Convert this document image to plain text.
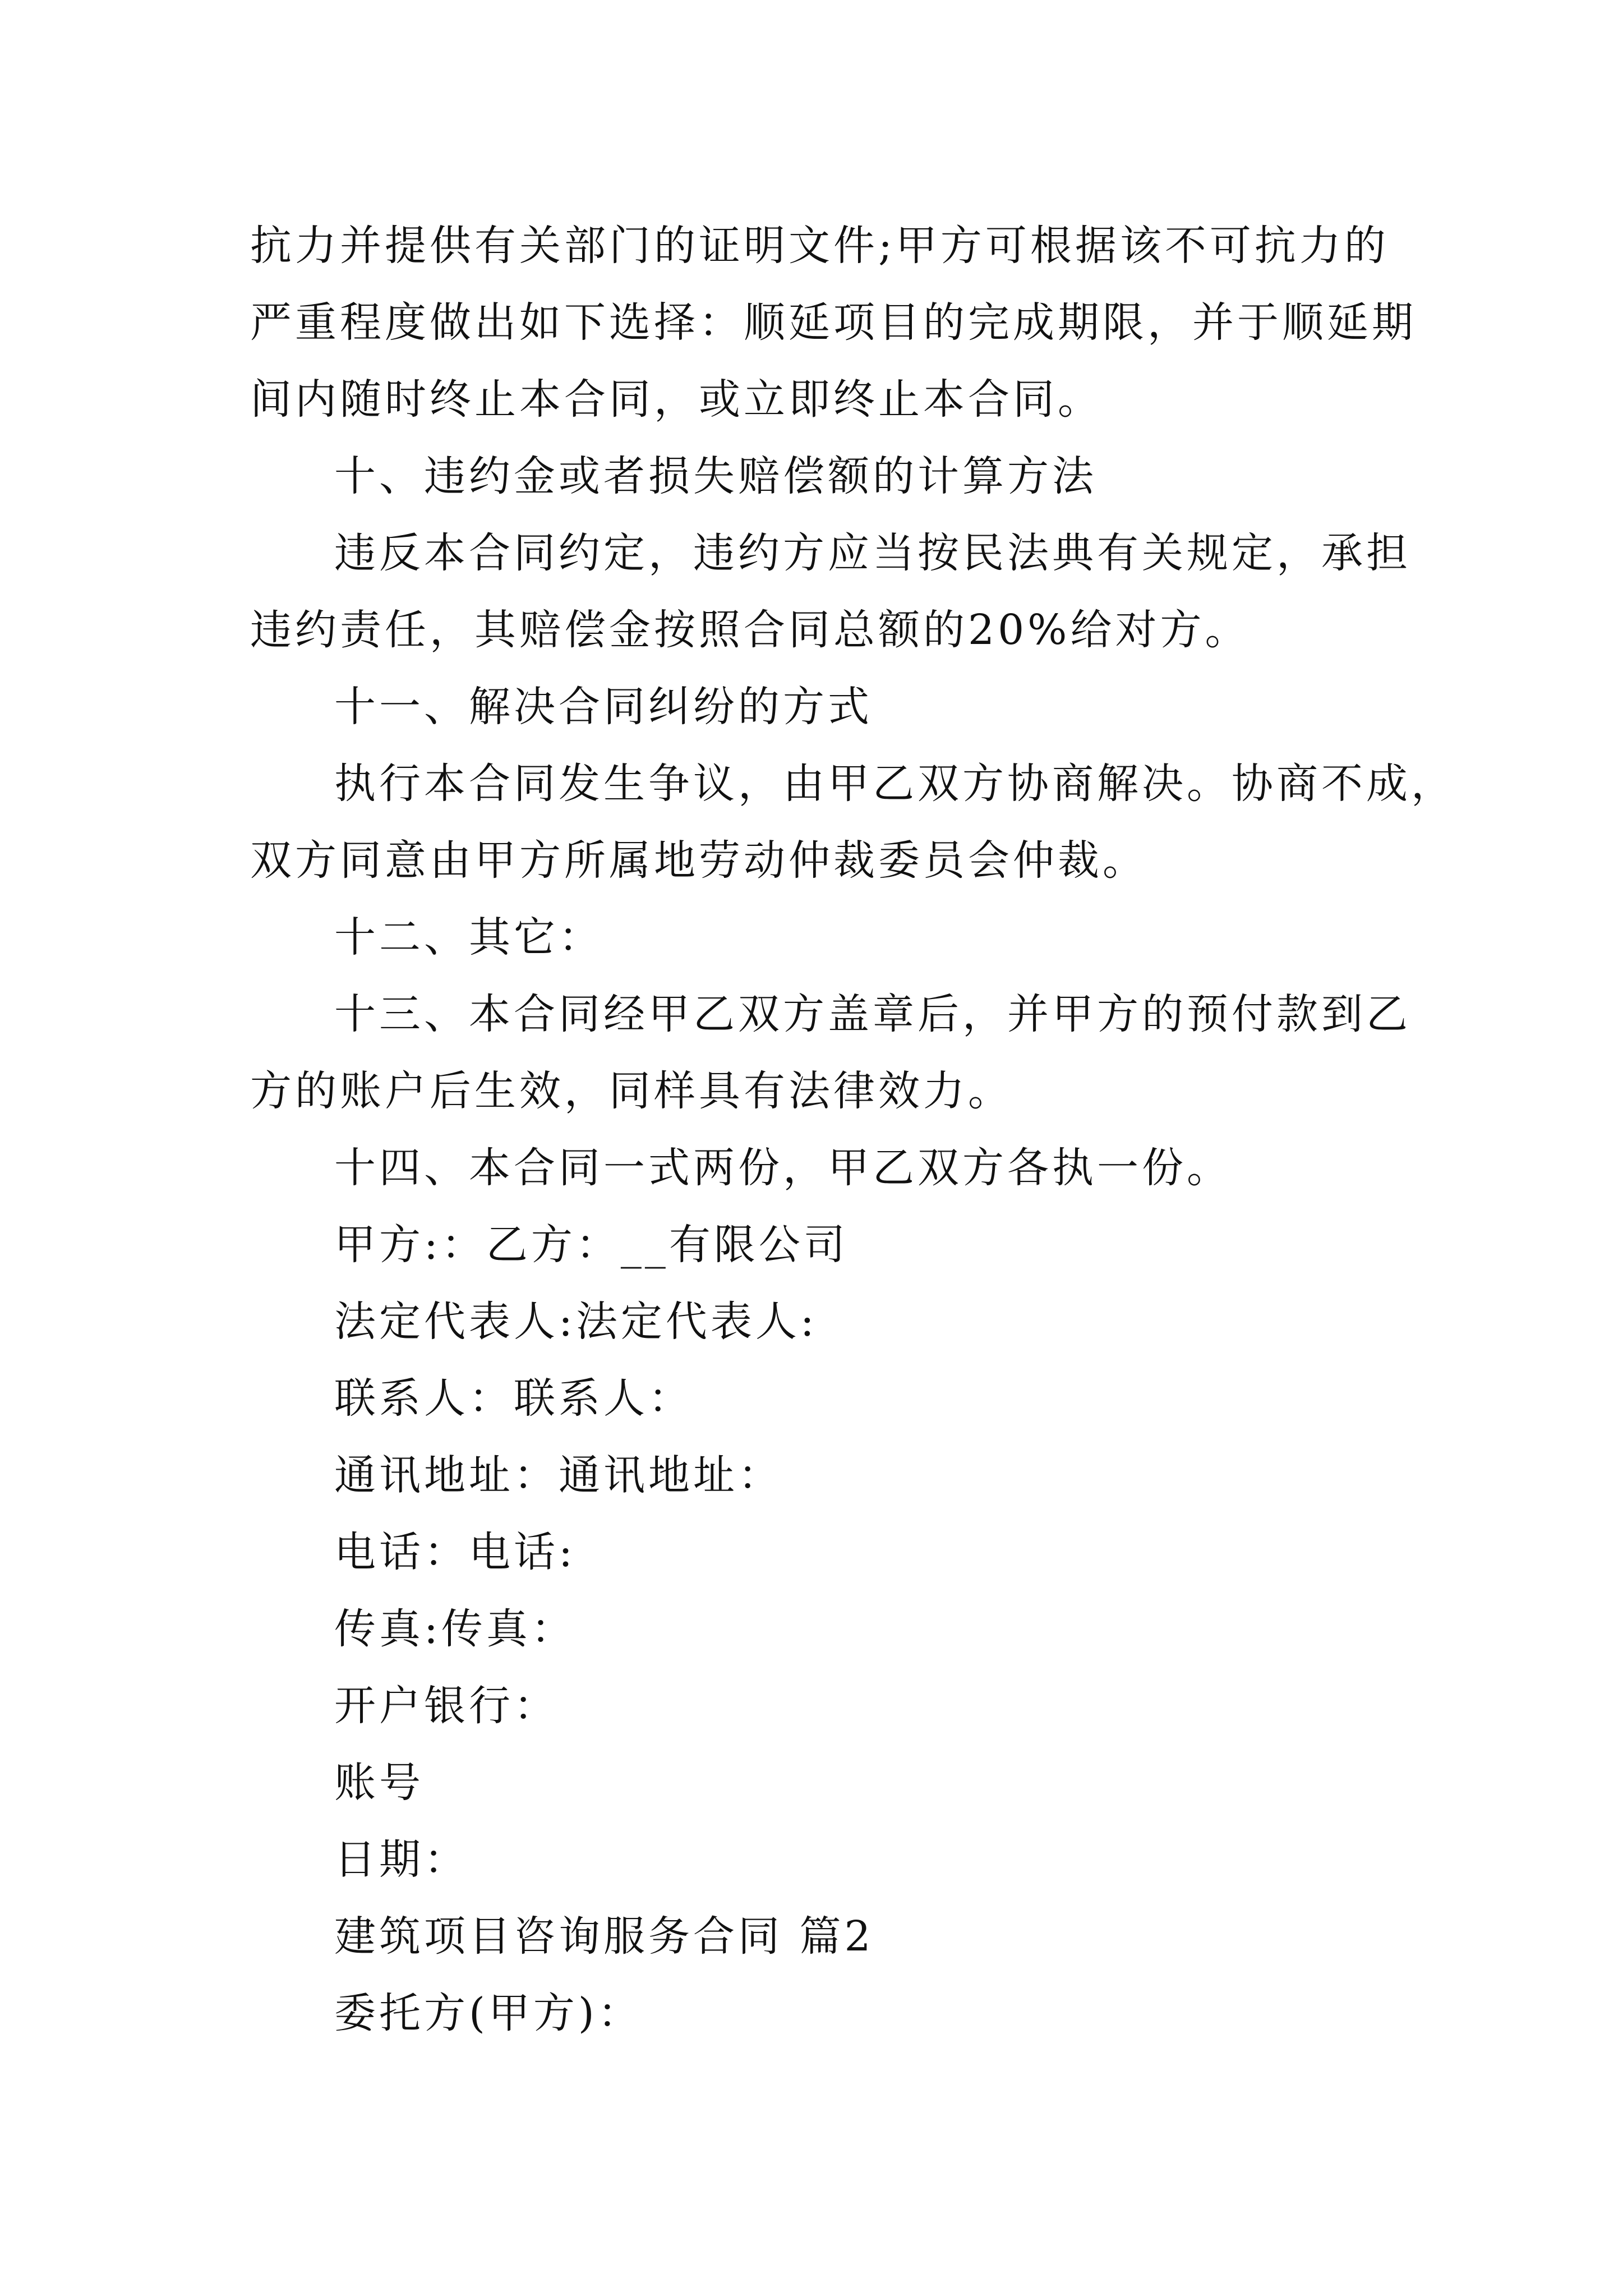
抗力并提供有关部门的证明文件;甲方可根据该不可抗力的
严重程度做出如下选择：顺延项目的完成期限，并于顺延期
间内随时终止本合同，或立即终止本合同。
十、违约金或者损失赔偿额的计算方法
违反本合同约定，违约方应当按民法典有关规定，承担
违约责任，其赔偿金按照合同总额的20%给对方。
十一、解决合同纠纷的方式
执行本合同发生争议，由甲乙双方协商解决。协商不成，
双方同意由甲方所属地劳动仲裁委员会仲裁。
十二、其它：
十三、本合同经甲乙双方盖章后，并甲方的预付款到乙
方的账户后生效，同样具有法律效力。
十四、本合同一式两份，甲乙双方各执一份。
甲方:：乙方：__有限公司
法定代表人:法定代表人:
联系人：联系人：
通讯地址：通讯地址：
电话：电话:
传真:传真：
开户银行：
账号
日期：
建筑项目咨询服务合同 篇2
委托方(甲方)：
